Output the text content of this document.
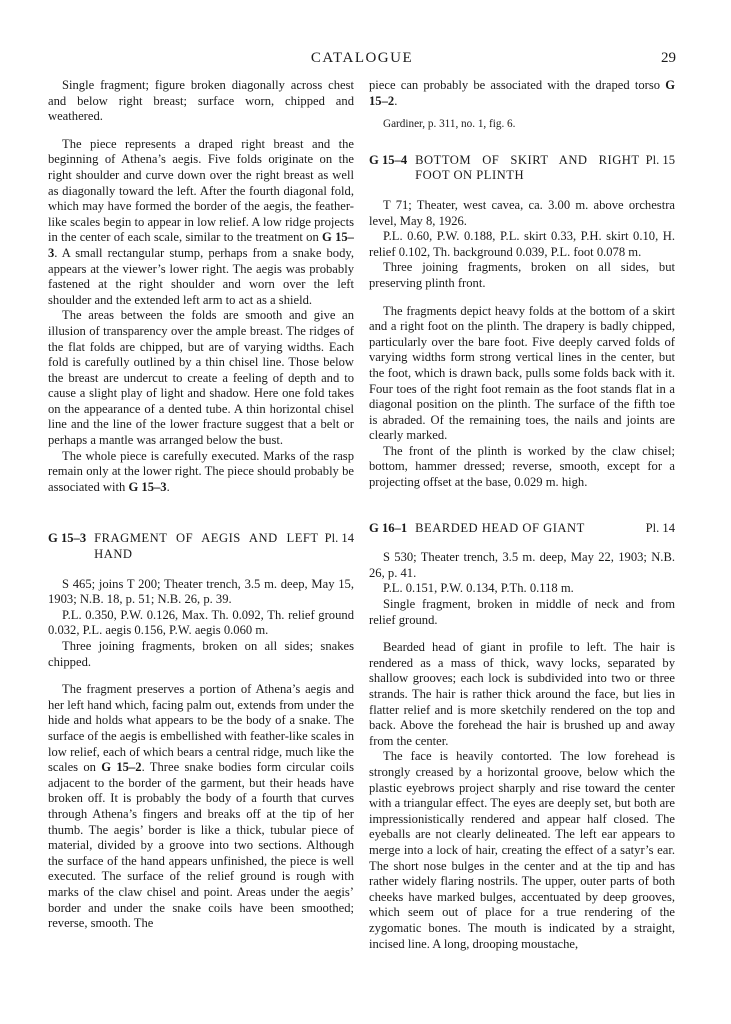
CATALOGUE	29

Single fragment; figure broken diagonally across chest and below right breast; surface worn, chipped and weathered.

The piece represents a draped right breast and the beginning of Athena’s aegis. Five folds originate on the right shoulder and curve down over the right breast as well as diagonally toward the left. After the fourth diagonal fold, which may have formed the border of the aegis, the feather-like scales begin to appear in low relief. A low ridge projects in the center of each scale, similar to the treatment on G 15–3. A small rectangular stump, perhaps from a snake body, appears at the viewer’s lower right. The aegis was probably fastened at the right shoulder and worn over the left shoulder and the extended left arm to act as a shield.

The areas between the folds are smooth and give an illusion of transparency over the ample breast. The ridges of the flat folds are chipped, but are of varying widths. Each fold is carefully outlined by a thin chisel line. Those below the breast are undercut to create a feeling of depth and to cause a slight play of light and shadow. Here one fold takes on the appearance of a dented tube. A thin horizontal chisel line and the line of the lower fracture suggest that a belt or perhaps a mantle was arranged below the bust.

The whole piece is carefully executed. Marks of the rasp remain only at the lower right. The piece should probably be associated with G 15–3.

G 15–3 FRAGMENT OF AEGIS AND LEFT HAND
Pl. 14

S 465; joins T 200; Theater trench, 3.5 m. deep, May 15, 1903; N.B. 18, p. 51; N.B. 26, p. 39.

P.L. 0.350, P.W. 0.126, Max. Th. 0.092, Th. relief ground 0.032, P.L. aegis 0.156, P.W. aegis 0.060 m.

Three joining fragments, broken on all sides; snakes chipped.

The fragment preserves a portion of Athena’s aegis and her left hand which, facing palm out, extends from under the hide and holds what appears to be the body of a snake. The surface of the aegis is embellished with feather-like scales in low relief, each of which bears a central ridge, much like the scales on G 15–2. Three snake bodies form circular coils adjacent to the border of the garment, but their heads have broken off. It is probably the body of a fourth that curves through Athena’s fingers and breaks off at the tip of her thumb. The aegis’ border is like a thick, tubular piece of material, divided by a groove into two sections. Although the surface of the hand appears unfinished, the piece is well executed. The surface of the relief ground is rough with marks of the claw chisel and point. Areas under the aegis’ border and under the snake coils have been smoothed; reverse, smooth. The

piece can probably be associated with the draped torso G 15–2.

Gardiner, p. 311, no. 1, fig. 6.

G 15–4 BOTTOM OF SKIRT AND RIGHT FOOT ON PLINTH
Pl. 15

T 71; Theater, west cavea, ca. 3.00 m. above orchestra level, May 8, 1926.

P.L. 0.60, P.W. 0.188, P.L. skirt 0.33, P.H. skirt 0.10, H. relief 0.102, Th. background 0.039, P.L. foot 0.078 m.

Three joining fragments, broken on all sides, but preserving plinth front.

The fragments depict heavy folds at the bottom of a skirt and a right foot on the plinth. The drapery is badly chipped, particularly over the bare foot. Five deeply carved folds of varying widths form strong vertical lines in the center, but the foot, which is drawn back, pulls some folds back with it. Four toes of the right foot remain as the foot stands flat in a diagonal position on the plinth. The surface of the fifth toe is abraded. Of the remaining toes, the nails and joints are clearly marked.

The front of the plinth is worked by the claw chisel; bottom, hammer dressed; reverse, smooth, except for a projecting offset at the base, 0.029 m. high.

G 16–1 BEARDED HEAD OF GIANT	Pl. 14

S 530; Theater trench, 3.5 m. deep, May 22, 1903; N.B. 26, p. 41.

P.L. 0.151, P.W. 0.134, P.Th. 0.118 m.

Single fragment, broken in middle of neck and from relief ground.

Bearded head of giant in profile to left. The hair is rendered as a mass of thick, wavy locks, separated by shallow grooves; each lock is subdivided into two or three strands. The hair is rather thick around the face, but lies in flatter relief and is more sketchily rendered on the top and back. Above the forehead the hair is brushed up and away from the center.

The face is heavily contorted. The low forehead is strongly creased by a horizontal groove, below which the plastic eyebrows project sharply and rise toward the center with a triangular effect. The eyes are deeply set, but both are impressionistically rendered and appear half closed. The eyeballs are not clearly delineated. The left ear appears to merge into a lock of hair, creating the effect of a satyr’s ear. The short nose bulges in the center and at the tip and has rather widely flaring nostrils. The upper, outer parts of both cheeks have marked bulges, accentuated by deep grooves, which seem out of place for a true rendering of the zygomatic bones. The mouth is indicated by a straight, incised line. A long, drooping moustache,
